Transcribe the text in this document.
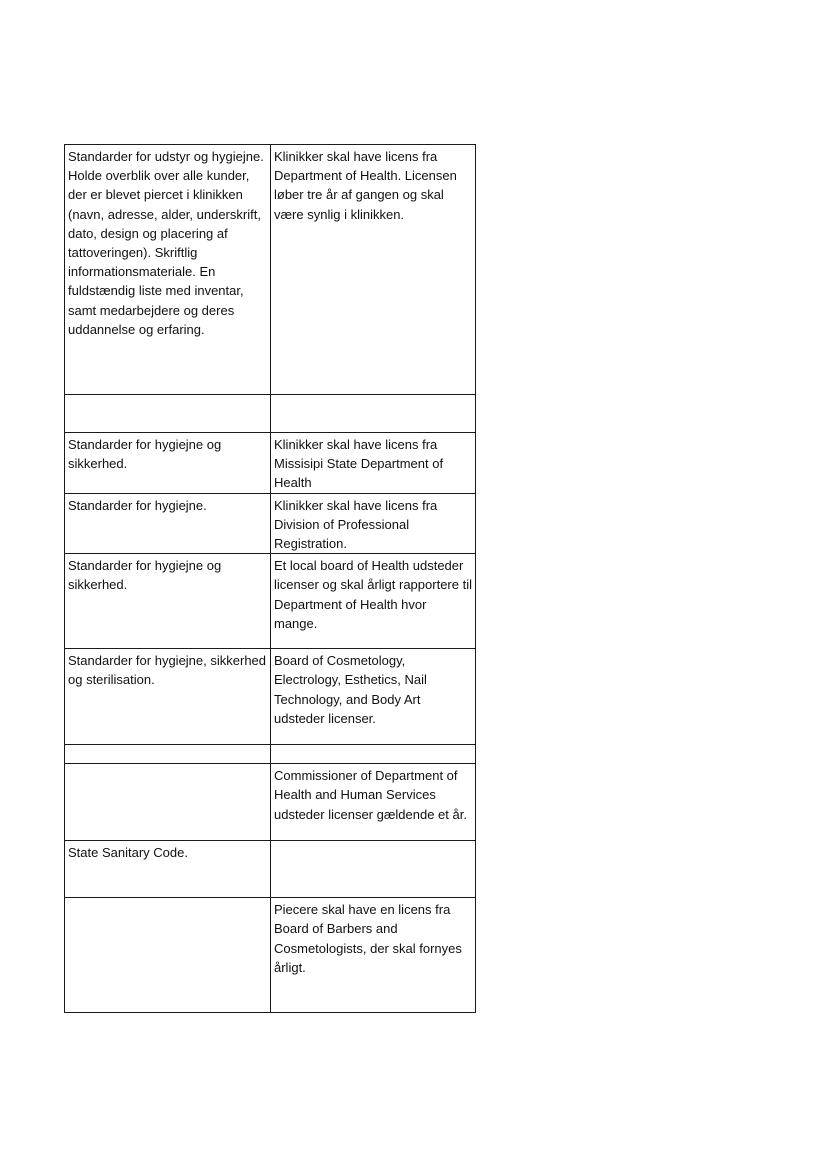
Standarder for udstyr og hygiejne. Holde overblik over alle kunder, der er blevet piercet i klinikken (navn, adresse, alder, underskrift, dato, design og placering af tattoveringen). Skriftlig informationsmateriale. En fuldstændig liste med inventar, samt medarbejdere og deres uddannelse og erfaring.	Klinikker skal have licens fra Department of Health. Licensen løber tre år af gangen og skal være synlig i klinikken.

Standarder for hygiejne og sikkerhed.	Klinikker skal have licens fra Missisipi State Department of Health
Standarder for hygiejne.	Klinikker skal have licens fra Division of Professional Registration.
Standarder for hygiejne og sikkerhed.	Et local board of Health udsteder licenser og skal årligt rapportere til Department of Health hvor mange.
Standarder for hygiejne, sikkerhed og sterilisation.	Board of Cosmetology, Electrology, Esthetics, Nail Technology, and Body Art udsteder licenser.

	Commissioner of Department of Health and Human Services udsteder licenser gældende et år.
State Sanitary Code.	
	Piecere skal have en licens fra Board of Barbers and Cosmetologists, der skal fornyes årligt.
